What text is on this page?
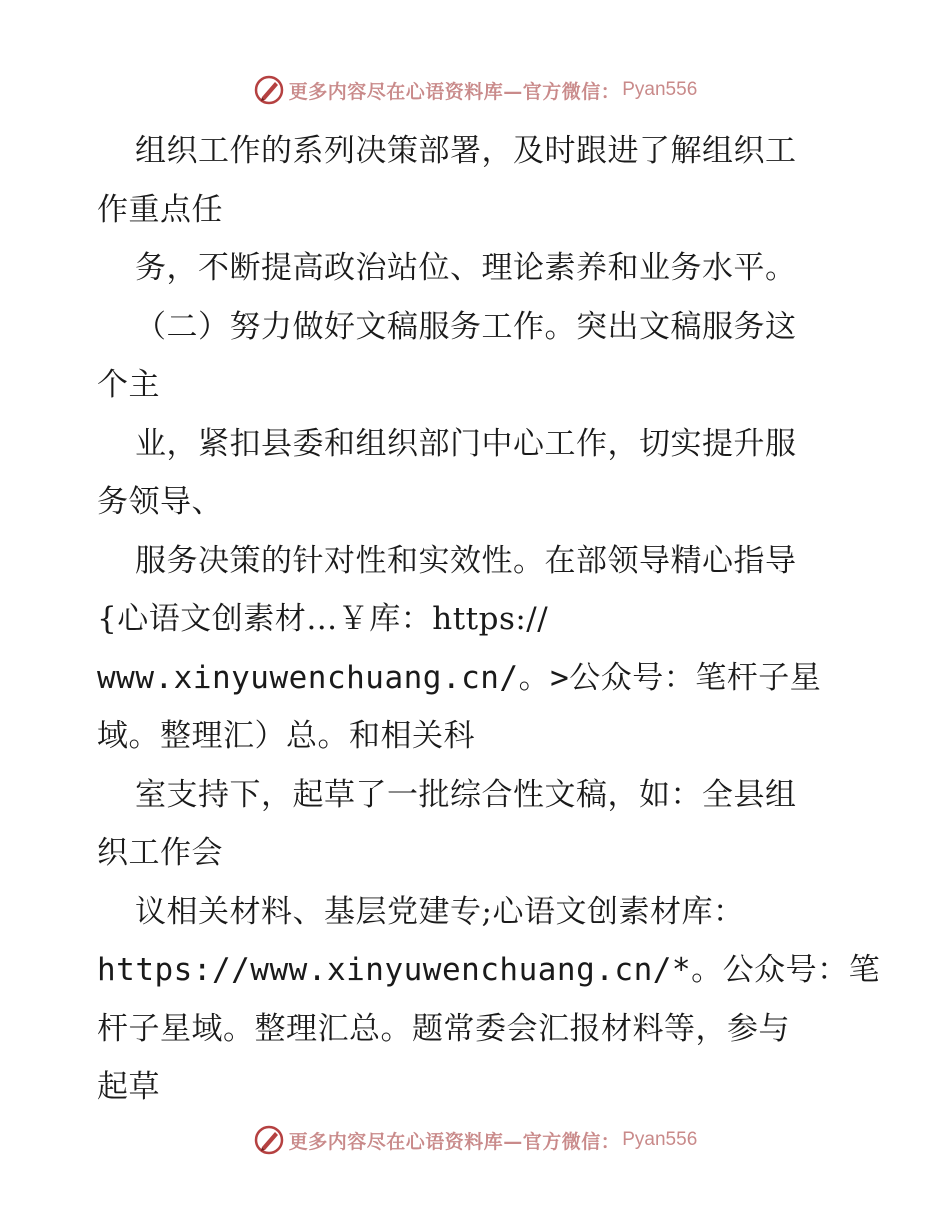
更多内容尽在心语资料库—官方微信： Pyan556
组织工作的系列决策部署，及时跟进了解组织工
作重点任
务，不断提高政治站位、理论素养和业务水平。
（二）努力做好文稿服务工作。突出文稿服务这
个主
业，紧扣县委和组织部门中心工作，切实提升服
务领导、
服务决策的针对性和实效性。在部领导精心指导
{心语文创素材…￥库：https://
www.xinyuwenchuang.cn/。>公众号：笔杆子星
域。整理汇）总。和相关科
室支持下，起草了一批综合性文稿，如：全县组
织工作会
议相关材料、基层党建专;心语文创素材库：
https://www.xinyuwenchuang.cn/*。公众号：笔
杆子星域。整理汇总。题常委会汇报材料等，参与
起草
更多内容尽在心语资料库—官方微信： Pyan556
